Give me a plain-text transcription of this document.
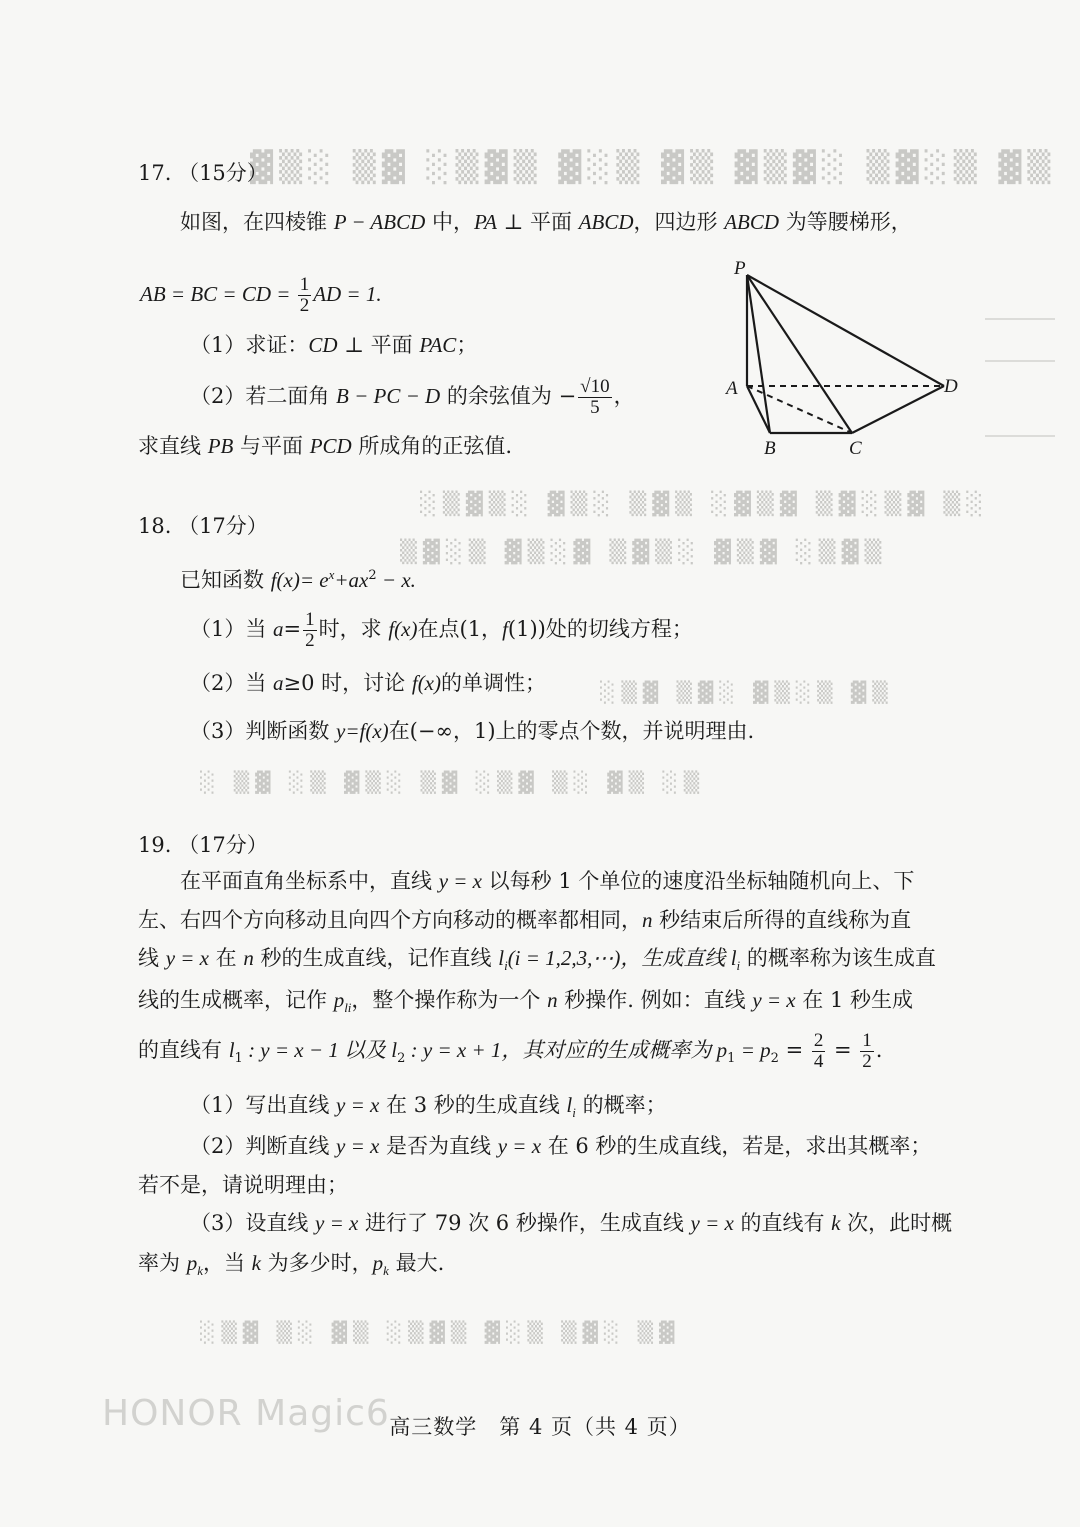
▓▒░ ▒▓ ░▒▓▒ ▓░▒ ▓▒ ▓▒▓░ ▒▓░▒ ▓▒
░▒▓▒░ ▓▒░ ▒▓▒ ░▓▒▓ ▒▓░▒▓ ▒░
▒▓░▒ ▓▒░▓ ▒▓▒░ ▓▒▓ ░▒▓▒
░▒▓ ▒▓░ ▓▒░▒ ▓▒
░ ▒▓ ░▒ ▓▒░ ▒▓ ░▒▓ ▒░ ▓▒ ░▒
░▒▓ ▒░ ▓▒ ░▒▓▒ ▓░▒ ▒▓░ ▒▓
17. （15分）
如图，在四棱锥 P − ABCD 中，PA ⊥ 平面 ABCD，四边形 ABCD 为等腰梯形，
AB = BC = CD = $\frac{1}{2}$ AD = 1.
（1）求证：CD ⊥ 平面 PAC；
（2）若二面角 B − PC − D 的余弦值为 − $\frac{√10}{5}$ ，
求直线 PB 与平面 PCD 所成角的正弦值.
P
A
B	C
D
18. （17分）
已知函数 $f(x)= e^x+ax^2 - x$.
（1）当 $a= \frac{1}{2}$ 时，求 f(x)在点(1，f(1))处的切线方程；
（2）当 a≥0 时，讨论 f(x)的单调性；
（3）判断函数 y=f(x)在(−∞，1)上的零点个数，并说明理由.
19. （17分）
在平面直角坐标系中，直线 y = x 以每秒 1 个单位的速度沿坐标轴随机向上、下
左、右四个方向移动且向四个方向移动的概率都相同，n 秒结束后所得的直线称为直
线 y = x 在 n 秒的生成直线，记作直线 $l_i(i$ = 1,2,3,⋯)，生成直线 $l_i$ 的概率称为该生成直
线的生成概率，记作 $p_{li}$，整个操作称为一个 n 秒操作. 例如：直线 y = x 在 1 秒生成
的直线有 $l_1$ : y = x − 1 以及 $l_2$ : y = x + 1，其对应的生成概率为 $p_1 = p_2 = \frac{2}{4} = \frac{1}{2}$ .
（1）写出直线 y = x 在 3 秒的生成直线 $l_i$ 的概率；
（2）判断直线 y = x 是否为直线 y = x 在 6 秒的生成直线，若是，求出其概率；
若不是，请说明理由；
（3）设直线 y = x 进行了 79 次 6 秒操作，生成直线 y = x 的直线有 k 次，此时概
率为 $p_k$，当 k 为多少时，$p_k$ 最大.
HONOR Magic6 高三数学　第 4 页（共 4 页）
